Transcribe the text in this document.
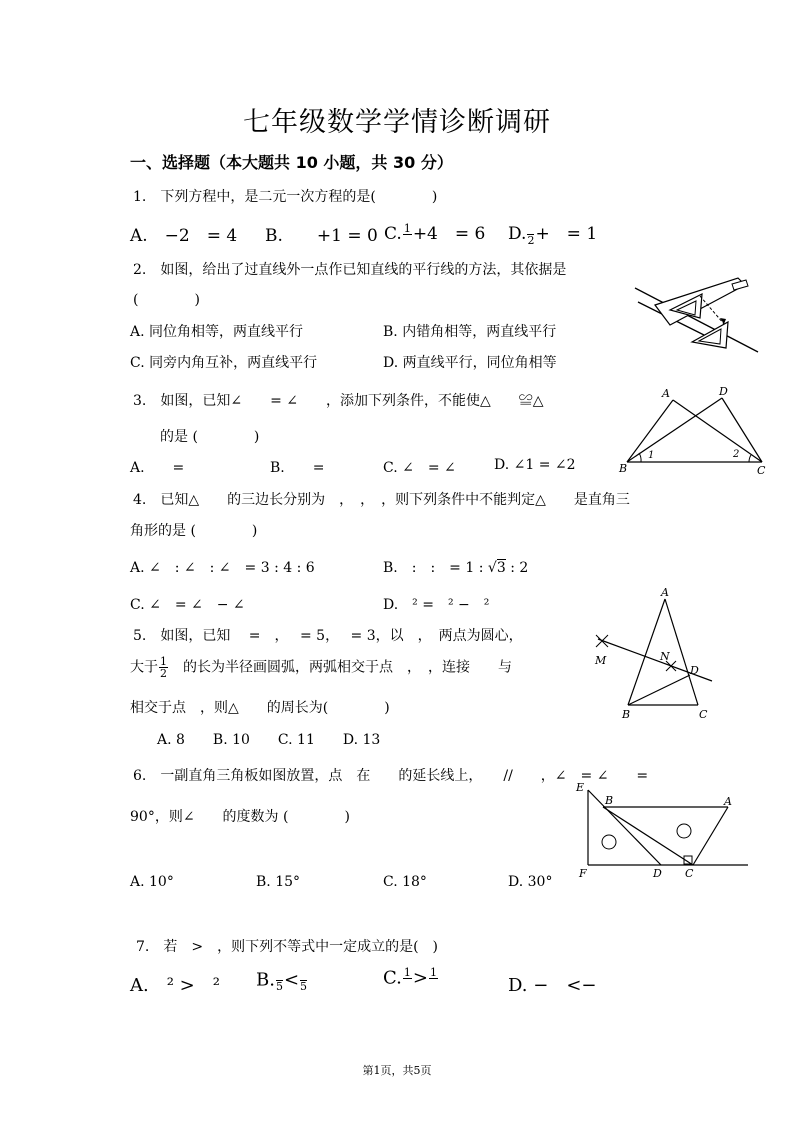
七年级数学学情诊断调研
一、选择题（本大题共 10 小题，共 30 分）
1.　下列方程中，是二元一次方程的是(　　　　)
A.　−2　= 4 B.　　+1 = 0 C. 1
+4　= 6 D.
2 +　= 1
2.　如图，给出了过直线外一点作已知直线的平行线的方法，其依据是
(　　　　)
A. 同位角相等，两直线平行	B. 内错角相等，两直线平行
C. 同旁内角互补，两直线平行	D. 两直线平行，同位角相等
3.　如图，已知∠　　= ∠　　，添加下列条件，不能使△　　≌△
的是 (　　　　)
A.　　=	B.　　=	C. ∠　= ∠	D. ∠1 = ∠2
A	D
B	C
1	2
4.　已知△　　的三边长分别为　，　，　，则下列条件中不能判定△　　是直角三
角形的是 (　　　　)
A. ∠　: ∠　: ∠　= 3 : 4 : 6	B.　:　:　= 1 : √3 : 2
C. ∠　= ∠　− ∠	D.　² =　² −　²
5.　如图，已知　 =　，　 = 5，　 = 3，以　，　两点为圆心，
大于 $\frac{1}{2}$ 　的长为半径画圆弧，两弧相交于点　，　，连接　　与
相交于点　，则△　　的周长为(　　　　)
A. 8　　B. 10　　C. 11　　D. 13
A
M	N
D
B	C
6.　一副直角三角板如图放置，点　在　　的延长线上，　　//　　，∠　= ∠　　=
90°，则∠　　的度数为 (　　　　)
A. 10°	B. 15°	C. 18°	D. 30°
E
B	A
F	D C
7.　若　>　，则下列不等式中一定成立的是(　)
A.　² >　² B.
5 <
5	C. 1
> 1

D. −　<−
第1页，共5页
